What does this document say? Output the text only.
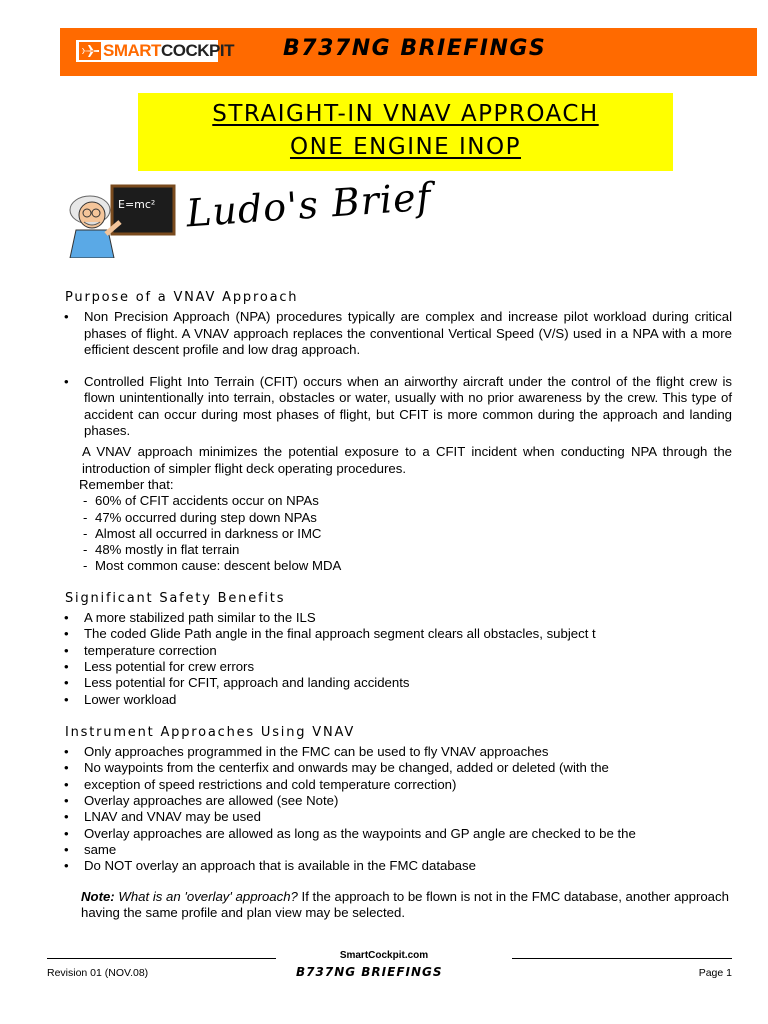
SMARTCOCKPIT B737NG BRIEFINGS
STRAIGHT-IN VNAV APPROACH
ONE ENGINE INOP
E=mc² Ludo's Brief
Purpose of a VNAV Approach
• Non Precision Approach (NPA) procedures typically are complex and increase pilot workload during critical phases of flight. A VNAV approach replaces the conventional Vertical Speed (V/S) used in a NPA with a more efficient descent profile and low drag approach.
• Controlled Flight Into Terrain (CFIT) occurs when an airworthy aircraft under the control of the flight crew is flown unintentionally into terrain, obstacles or water, usually with no prior awareness by the crew. This type of accident can occur during most phases of flight, but CFIT is more common during the approach and landing phases.
A VNAV approach minimizes the potential exposure to a CFIT incident when conducting NPA through the introduction of simpler flight deck operating procedures.
Remember that:
- 60% of CFIT accidents occur on NPAs
- 47% occurred during step down NPAs
- Almost all occurred in darkness or IMC
- 48% mostly in flat terrain
- Most common cause: descent below MDA
Significant Safety Benefits
• A more stabilized path similar to the ILS
• The coded Glide Path angle in the final approach segment clears all obstacles, subject t
• temperature correction
• Less potential for crew errors
• Less potential for CFIT, approach and landing accidents
• Lower workload
Instrument Approaches Using VNAV
• Only approaches programmed in the FMC can be used to fly VNAV approaches
• No waypoints from the centerfix and onwards may be changed, added or deleted (with the
• exception of speed restrictions and cold temperature correction)
• Overlay approaches are allowed (see Note)
• LNAV and VNAV may be used
• Overlay approaches are allowed as long as the waypoints and GP angle are checked to be the
• same
• Do NOT overlay an approach that is available in the FMC database
Note: What is an 'overlay' approach? If the approach to be flown is not in the FMC database, another approach having the same profile and plan view may be selected.
SmartCockpit.com
Revision 01 (NOV.08)	B737NG BRIEFINGS	Page 1
